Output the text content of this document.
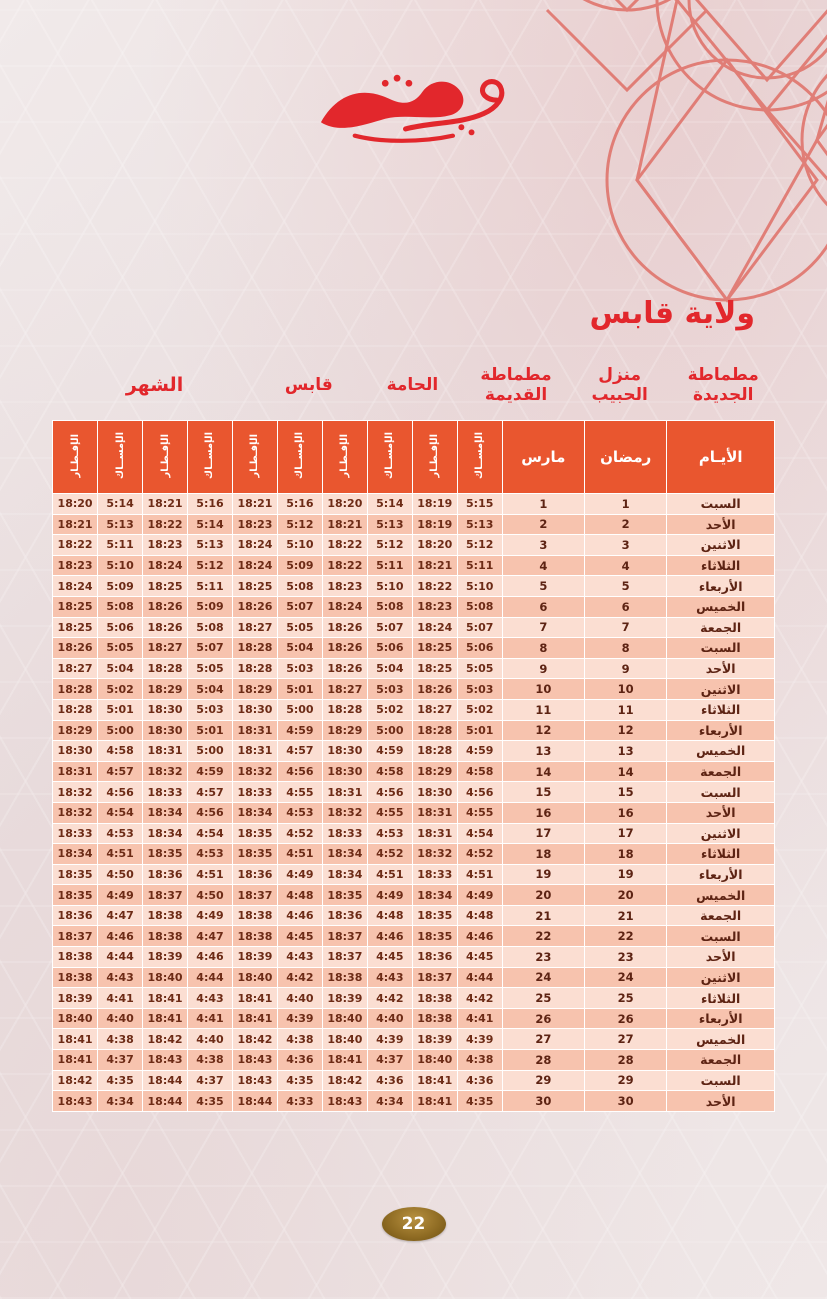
ولاية قابس
مطماطة الجديدة
منزل الحبيب
مطماطة القديمة
الحامة
قابس
الشهر
الأيـام	رمضان	مارس	الإمســاك	الإفـطـار	الإمســاك	الإفـطـار	الإمســاك	الإفـطـار	الإمســاك	الإفـطـار	الإمســاك	الإفـطـار
السبت	1	1	5:15	18:19	5:14	18:20	5:16	18:21	5:16	18:21	5:14	18:20
الأحد	2	2	5:13	18:19	5:13	18:21	5:12	18:23	5:14	18:22	5:13	18:21
الاثنين	3	3	5:12	18:20	5:12	18:22	5:10	18:24	5:13	18:23	5:11	18:22
الثلاثاء	4	4	5:11	18:21	5:11	18:22	5:09	18:24	5:12	18:24	5:10	18:23
الأربعاء	5	5	5:10	18:22	5:10	18:23	5:08	18:25	5:11	18:25	5:09	18:24
الخميس	6	6	5:08	18:23	5:08	18:24	5:07	18:26	5:09	18:26	5:08	18:25
الجمعة	7	7	5:07	18:24	5:07	18:26	5:05	18:27	5:08	18:26	5:06	18:25
السبت	8	8	5:06	18:25	5:06	18:26	5:04	18:28	5:07	18:27	5:05	18:26
الأحد	9	9	5:05	18:25	5:04	18:26	5:03	18:28	5:05	18:28	5:04	18:27
الاثنين	10	10	5:03	18:26	5:03	18:27	5:01	18:29	5:04	18:29	5:02	18:28
الثلاثاء	11	11	5:02	18:27	5:02	18:28	5:00	18:30	5:03	18:30	5:01	18:28
الأربعاء	12	12	5:01	18:28	5:00	18:29	4:59	18:31	5:01	18:30	5:00	18:29
الخميس	13	13	4:59	18:28	4:59	18:30	4:57	18:31	5:00	18:31	4:58	18:30
الجمعة	14	14	4:58	18:29	4:58	18:30	4:56	18:32	4:59	18:32	4:57	18:31
السبت	15	15	4:56	18:30	4:56	18:31	4:55	18:33	4:57	18:33	4:56	18:32
الأحد	16	16	4:55	18:31	4:55	18:32	4:53	18:34	4:56	18:34	4:54	18:32
الاثنين	17	17	4:54	18:31	4:53	18:33	4:52	18:35	4:54	18:34	4:53	18:33
الثلاثاء	18	18	4:52	18:32	4:52	18:34	4:51	18:35	4:53	18:35	4:51	18:34
الأربعاء	19	19	4:51	18:33	4:51	18:34	4:49	18:36	4:51	18:36	4:50	18:35
الخميس	20	20	4:49	18:34	4:49	18:35	4:48	18:37	4:50	18:37	4:49	18:35
الجمعة	21	21	4:48	18:35	4:48	18:36	4:46	18:38	4:49	18:38	4:47	18:36
السبت	22	22	4:46	18:35	4:46	18:37	4:45	18:38	4:47	18:38	4:46	18:37
الأحد	23	23	4:45	18:36	4:45	18:37	4:43	18:39	4:46	18:39	4:44	18:38
الاثنين	24	24	4:44	18:37	4:43	18:38	4:42	18:40	4:44	18:40	4:43	18:38
الثلاثاء	25	25	4:42	18:38	4:42	18:39	4:40	18:41	4:43	18:41	4:41	18:39
الأربعاء	26	26	4:41	18:38	4:40	18:40	4:39	18:41	4:41	18:41	4:40	18:40
الخميس	27	27	4:39	18:39	4:39	18:40	4:38	18:42	4:40	18:42	4:38	18:41
الجمعة	28	28	4:38	18:40	4:37	18:41	4:36	18:43	4:38	18:43	4:37	18:41
السبت	29	29	4:36	18:41	4:36	18:42	4:35	18:43	4:37	18:44	4:35	18:42
الأحد	30	30	4:35	18:41	4:34	18:43	4:33	18:44	4:35	18:44	4:34	18:43
22
